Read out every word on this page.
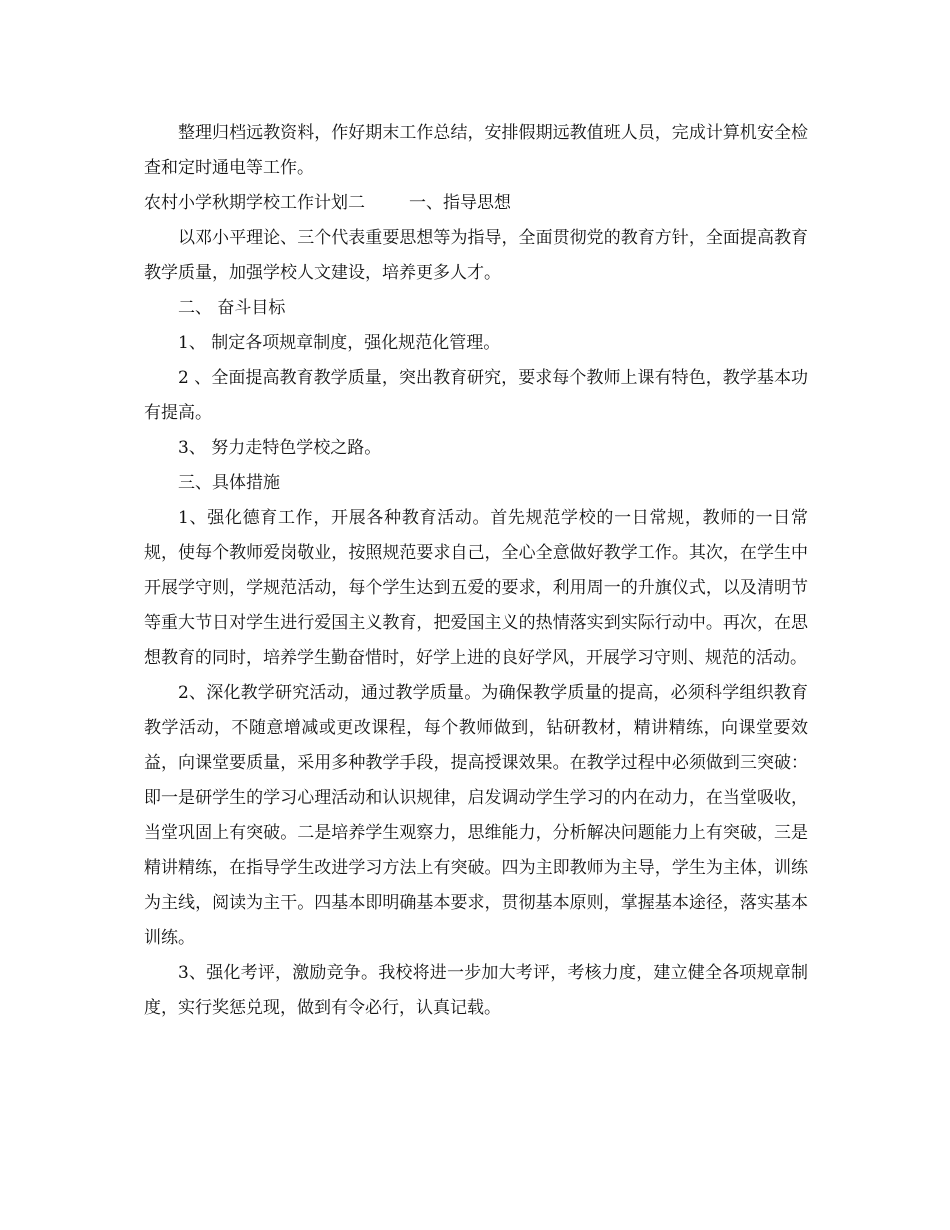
整理归档远教资料，作好期末工作总结，安排假期远教值班人员，完成计算机安全检查和定时通电等工作。

农村小学秋期学校工作计划二	一、指导思想

以邓小平理论、三个代表重要思想等为指导，全面贯彻党的教育方针，全面提高教育教学质量，加强学校人文建设，培养更多人才。

二、 奋斗目标

1、 制定各项规章制度，强化规范化管理。

2 、全面提高教育教学质量，突出教育研究，要求每个教师上课有特色，教学基本功有提高。

3、 努力走特色学校之路。

三、具体措施

1、强化德育工作，开展各种教育活动。首先规范学校的一日常规，教师的一日常规，使每个教师爱岗敬业，按照规范要求自己，全心全意做好教学工作。其次，在学生中开展学守则，学规范活动，每个学生达到五爱的要求，利用周一的升旗仪式，以及清明节等重大节日对学生进行爱国主义教育，把爱国主义的热情落实到实际行动中。再次，在思想教育的同时，培养学生勤奋惜时，好学上进的良好学风，开展学习守则、规范的活动。

2、深化教学研究活动，通过教学质量。为确保教学质量的提高，必须科学组织教育教学活动，不随意增减或更改课程，每个教师做到，钻研教材，精讲精练，向课堂要效益，向课堂要质量，采用多种教学手段，提高授课效果。在教学过程中必须做到三突破：即一是研学生的学习心理活动和认识规律，启发调动学生学习的内在动力，在当堂吸收，当堂巩固上有突破。二是培养学生观察力，思维能力，分析解决问题能力上有突破，三是精讲精练，在指导学生改进学习方法上有突破。四为主即教师为主导，学生为主体，训练为主线，阅读为主干。四基本即明确基本要求，贯彻基本原则，掌握基本途径，落实基本训练。

3、强化考评，激励竞争。我校将进一步加大考评，考核力度，建立健全各项规章制度，实行奖惩兑现，做到有令必行，认真记载。
